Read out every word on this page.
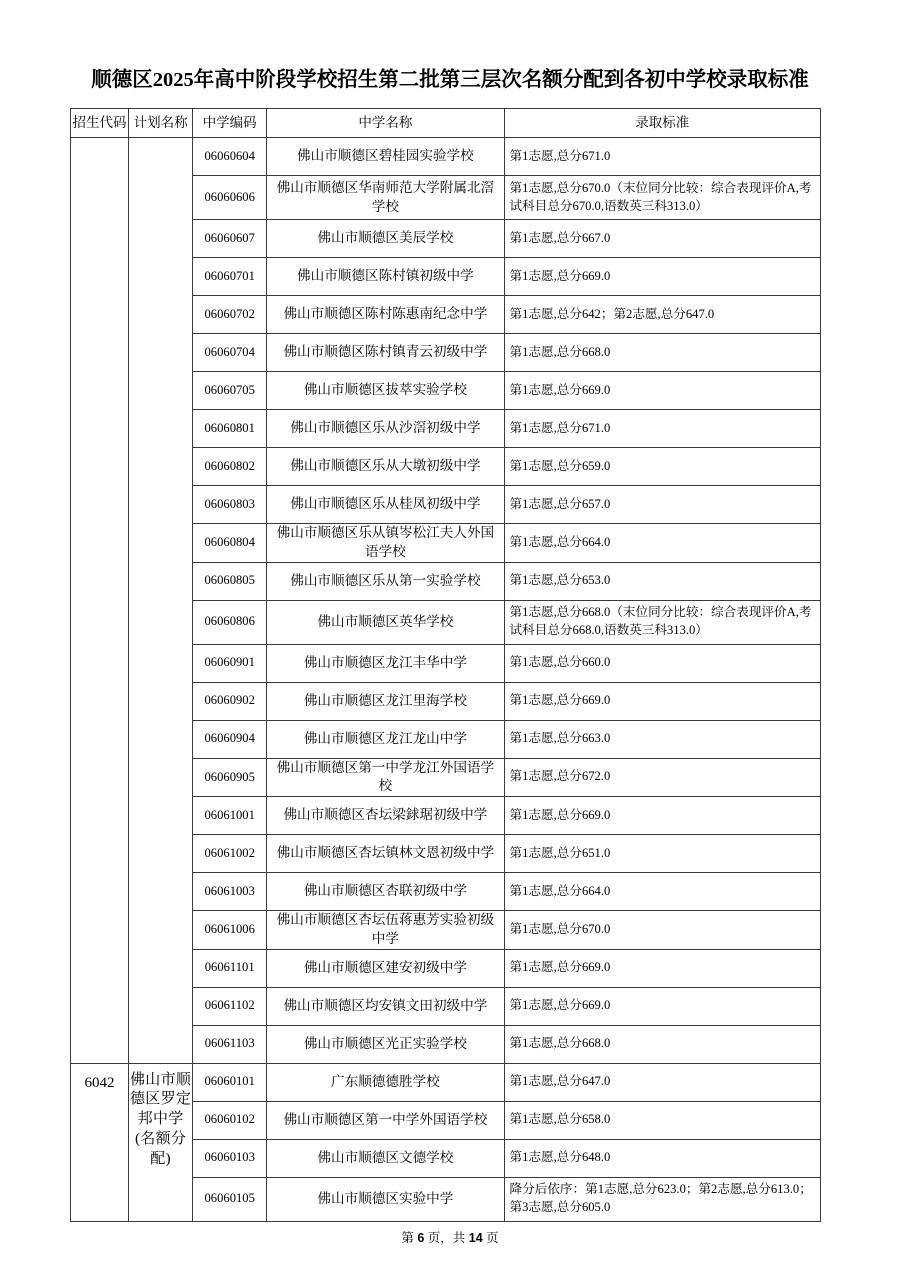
顺德区2025年高中阶段学校招生第二批第三层次名额分配到各初中学校录取标准
招生代码	计划名称	中学编码	中学名称	录取标准
		06060604	佛山市顺德区碧桂园实验学校	第1志愿,总分671.0
		06060606	佛山市顺德区华南师范大学附属北滘学校	第1志愿,总分670.0（末位同分比较：综合表现评价A,考试科目总分670.0,语数英三科313.0）
		06060607	佛山市顺德区美辰学校	第1志愿,总分667.0
		06060701	佛山市顺德区陈村镇初级中学	第1志愿,总分669.0
		06060702	佛山市顺德区陈村陈惠南纪念中学	第1志愿,总分642；第2志愿,总分647.0
		06060704	佛山市顺德区陈村镇青云初级中学	第1志愿,总分668.0
		06060705	佛山市顺德区拔萃实验学校	第1志愿,总分669.0
		06060801	佛山市顺德区乐从沙滘初级中学	第1志愿,总分671.0
		06060802	佛山市顺德区乐从大墩初级中学	第1志愿,总分659.0
		06060803	佛山市顺德区乐从桂凤初级中学	第1志愿,总分657.0
		06060804	佛山市顺德区乐从镇岑松江夫人外国语学校	第1志愿,总分664.0
		06060805	佛山市顺德区乐从第一实验学校	第1志愿,总分653.0
		06060806	佛山市顺德区英华学校	第1志愿,总分668.0（末位同分比较：综合表现评价A,考试科目总分668.0,语数英三科313.0）
		06060901	佛山市顺德区龙江丰华中学	第1志愿,总分660.0
		06060902	佛山市顺德区龙江里海学校	第1志愿,总分669.0
		06060904	佛山市顺德区龙江龙山中学	第1志愿,总分663.0
		06060905	佛山市顺德区第一中学龙江外国语学校	第1志愿,总分672.0
		06061001	佛山市顺德区杏坛梁銶琚初级中学	第1志愿,总分669.0
		06061002	佛山市顺德区杏坛镇林文恩初级中学	第1志愿,总分651.0
		06061003	佛山市顺德区杏联初级中学	第1志愿,总分664.0
		06061006	佛山市顺德区杏坛伍蒋惠芳实验初级中学	第1志愿,总分670.0
		06061101	佛山市顺德区建安初级中学	第1志愿,总分669.0
		06061102	佛山市顺德区均安镇文田初级中学	第1志愿,总分669.0
		06061103	佛山市顺德区光正实验学校	第1志愿,总分668.0
6042	佛山市顺德区罗定邦中学(名额分配)	06060101	广东顺德德胜学校	第1志愿,总分647.0
		06060102	佛山市顺德区第一中学外国语学校	第1志愿,总分658.0
		06060103	佛山市顺德区文德学校	第1志愿,总分648.0
		06060105	佛山市顺德区实验中学	降分后依序：第1志愿,总分623.0；第2志愿,总分613.0；第3志愿,总分605.0
第 6 页，共 14 页
